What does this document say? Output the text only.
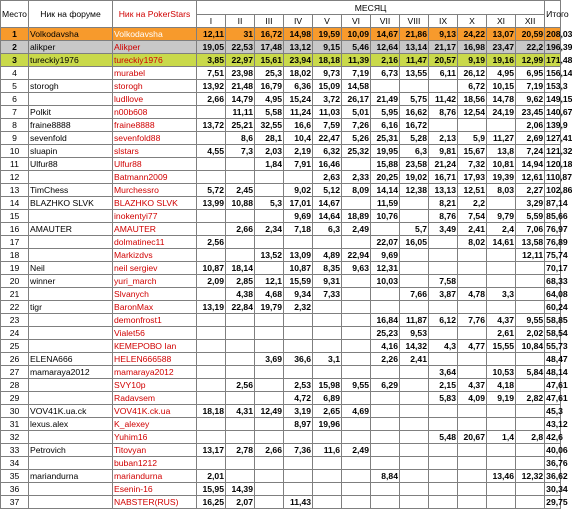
Место	Ник на форуме	Ник на PokerStars	МЕСЯЦ												Итого
			I	II	III	IV	V	VI	VII	VIII	IX	X	XI	XII	
1	Volkodavsha	Volkodavsha	12,11	31	16,72	14,98	19,59	10,09	14,67	21,86	9,13	24,22	13,07	20,59	208,03
2	alikper	Alikper	19,05	22,53	17,48	13,12	9,15	5,46	12,64	13,14	21,17	16,98	23,47	22,2	196,39
3	tureckiy1976	tureckiy1976	3,85	22,97	15,61	23,94	18,18	11,39	2,16	11,47	20,57	9,19	19,16	12,99	171,48
4		murabel	7,51	23,98	25,3	18,02	9,73	7,19	6,73	13,55	6,11	26,12	4,95	6,95	156,14
5	storogh	storogh	13,92	21,48	16,79	6,36	15,09	14,58				6,72	10,15	7,19	153,3
6		ludllove	2,66	14,79	4,95	15,24	3,72	26,17	21,49	5,75	11,42	18,56	14,78	9,62	149,15
7	Polkit	n00b608		11,11	5,58	11,24	11,03	5,01	5,95	16,62	8,76	12,54	24,19	23,45	140,67
8	fraine8888	fraine8888	13,72	25,21	32,55	16,6	7,59	7,26	6,16	16,72				2,06	139,9
9	sevenfold	sevenfold88		8,6	28,1	10,4	22,47	5,26	25,31	5,28	2,13	5,9	11,27	2,69	127,41
10	sluapin	slstars	4,55	7,3	2,03	2,19	6,32	25,32	19,95	6,3	9,81	15,67	13,8	7,24	121,32
11	Ulfur88	Ulfur88			1,84	7,91	16,46		15,88	23,58	21,24	7,32	10,81	14,94	120,18
12		Batmann2009					2,63	2,33	20,25	19,02	16,71	17,93	19,39	12,61	110,87
13	TimChess	Murchessro	5,72	2,45		9,02	5,12	8,09	14,14	12,38	13,13	12,51	8,03	2,27	102,86
14	BLAZHKO SLVK	BLAZHKO SLVK	13,99	10,88	5,3	17,01	14,67		11,59		8,21	2,2		3,29	87,14
15		inokentyi77				9,69	14,64	18,89	10,76		8,76	7,54	9,79	5,59	85,66
16	AMAUTER	AMAUTER		2,66	2,34	7,18	6,3	2,49		5,7	3,49	2,41	2,4	7,06	76,97
17		dolmatinec11	2,56						22,07	16,05		8,02	14,61	13,58	76,89
18		Markizdvs			13,52	13,09	4,89	22,94	9,69					12,11	75,74
19	Neil	neil sergiev	10,87	18,14		10,87	8,35	9,63	12,31						70,17
20	winner	yuri_march	2,09	2,85	12,1	15,59	9,31		10,03		7,58				68,33
21		Slvanych		4,38	4,68	9,34	7,33			7,66	3,87	4,78	3,3		64,08
22	tigr	BaronMax	13,19	22,84	19,79	2,32									60,24
23		demonfrost1							16,84	11,87	6,12	7,76	4,37	9,55	58,85
24		Vialet56							25,23	9,53			2,61	2,02	58,54
25		КЕМЕРОВО Ian							4,16	14,32	4,3	4,77	15,55	10,84	55,73
26	ELENA666	HELEN666588			3,69	36,6	3,1		2,26	2,41					48,47
27	mamaraya2012	mamaraya2012									3,64		10,53	5,84	48,14
28		SVY10p		2,56		2,53	15,98	9,55	6,29		2,15	4,37	4,18		47,61
29		Radavsem				4,72	6,89				5,83	4,09	9,19	2,82	47,61
30	VOV41K.ua.ck	VOV41K.ck.ua	18,18	4,31	12,49	3,19	2,65	4,69							45,3
31	lexus.alex	K_alexey				8,97	19,96								43,12
32		Yuhim16									5,48	20,67	1,4	2,8	42,6
33	Petrovich	Titovyan	13,17	2,78	2,66	7,36	11,6	2,49							40,06
34		buban1212													36,76
35	mariandurna	mariandurna	2,01						8,84				13,46	12,32	36,62
36		Esenin-16	15,95	14,39											30,34
37		NABSTER(RUS)	16,25	2,07		11,43									29,75
